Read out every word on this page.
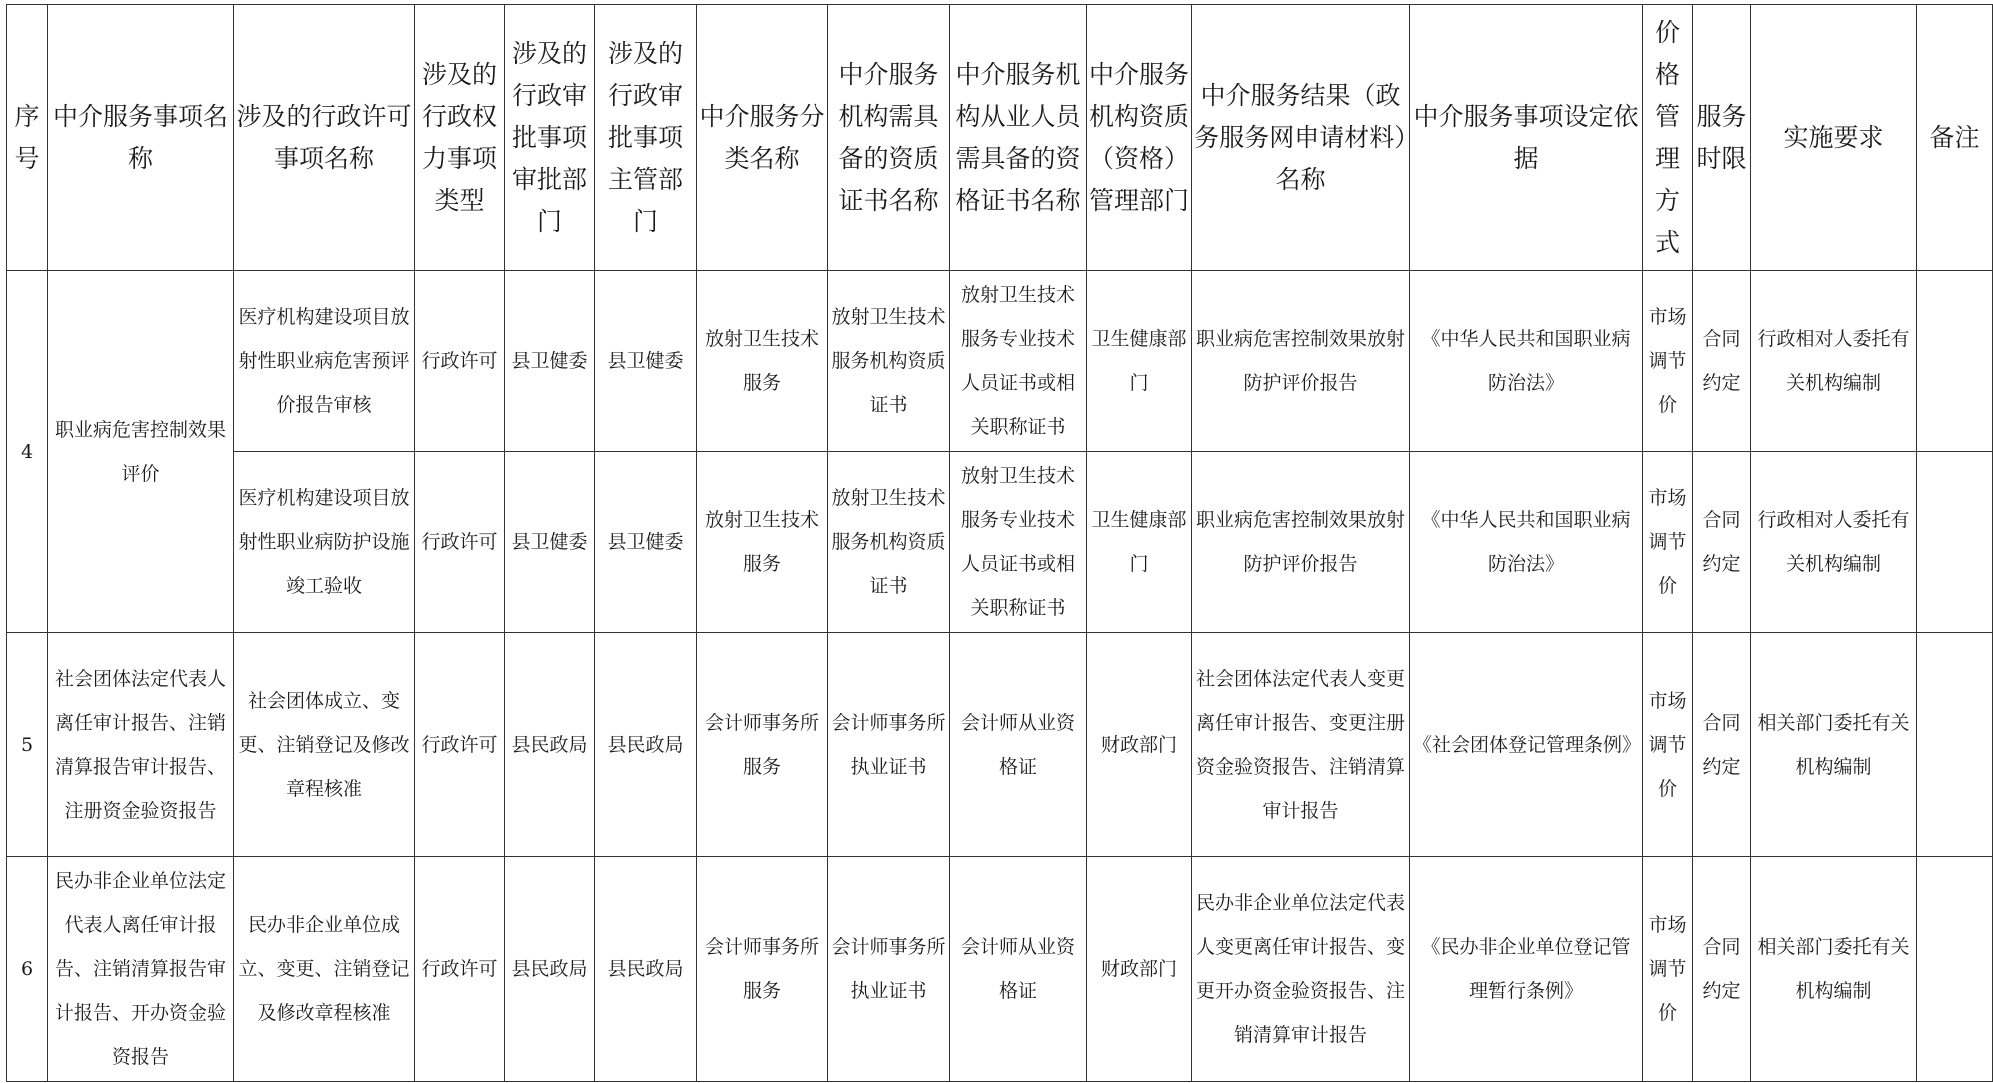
序号	中介服务事项名称	涉及的行政许可事项名称	涉及的行政权力事项类型	涉及的行政审批事项审批部门	涉及的行政审批事项主管部门	中介服务分类名称	中介服务机构需具备的资质证书名称	中介服务机构从业人员需具备的资格证书名称	中介服务机构资质（资格）管理部门	中介服务结果（政务服务网申请材料）名称	中介服务事项设定依据	价格管理方式	服务时限	实施要求	备注
4	职业病危害控制效果评价	医疗机构建设项目放射性职业病危害预评价报告审核	行政许可	县卫健委	县卫健委	放射卫生技术服务	放射卫生技术服务机构资质证书	放射卫生技术服务专业技术人员证书或相关职称证书	卫生健康部门	职业病危害控制效果放射防护评价报告	《中华人民共和国职业病防治法》	市场调节价	合同约定	行政相对人委托有关机构编制	
		医疗机构建设项目放射性职业病防护设施竣工验收	行政许可	县卫健委	县卫健委	放射卫生技术服务	放射卫生技术服务机构资质证书	放射卫生技术服务专业技术人员证书或相关职称证书	卫生健康部门	职业病危害控制效果放射防护评价报告	《中华人民共和国职业病防治法》	市场调节价	合同约定	行政相对人委托有关机构编制	
5	社会团体法定代表人离任审计报告、注销清算报告审计报告、注册资金验资报告	社会团体成立、变更、注销登记及修改章程核准	行政许可	县民政局	县民政局	会计师事务所服务	会计师事务所执业证书	会计师从业资格证	财政部门	社会团体法定代表人变更离任审计报告、变更注册资金验资报告、注销清算审计报告	《社会团体登记管理条例》	市场调节价	合同约定	相关部门委托有关机构编制	
6	民办非企业单位法定代表人离任审计报告、注销清算报告审计报告、开办资金验资报告	民办非企业单位成立、变更、注销登记及修改章程核准	行政许可	县民政局	县民政局	会计师事务所服务	会计师事务所执业证书	会计师从业资格证	财政部门	民办非企业单位法定代表人变更离任审计报告、变更开办资金验资报告、注销清算审计报告	《民办非企业单位登记管理暂行条例》	市场调节价	合同约定	相关部门委托有关机构编制	
